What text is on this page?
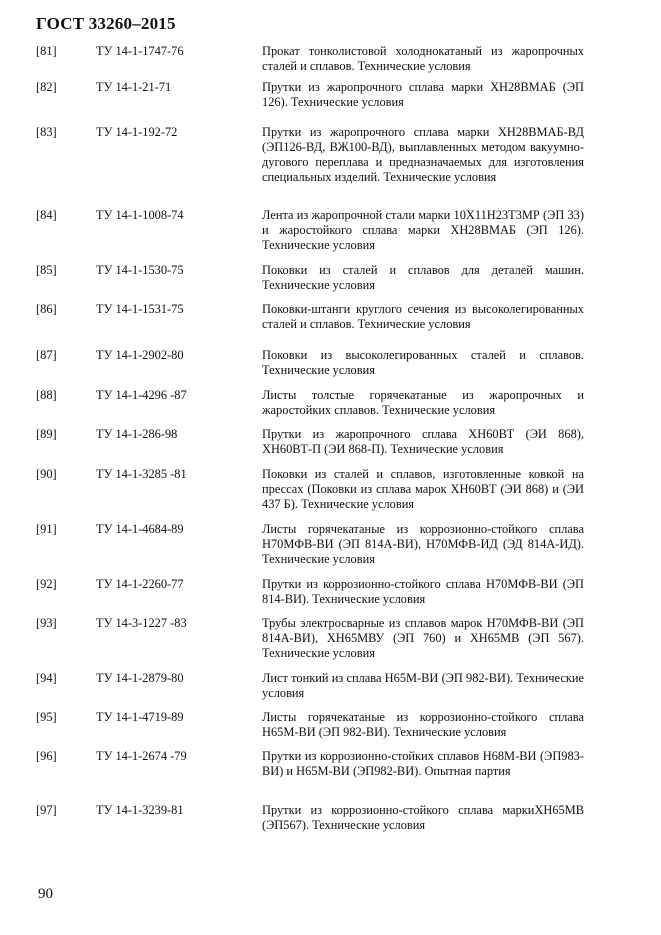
ГОСТ 33260–2015
[81]	ТУ 14-1-1747-76	Прокат тонколистовой холоднокатаный из жаропрочных сталей и сплавов. Технические условия
[82]	ТУ 14-1-21-71	Прутки из жаропрочного сплава марки ХН28ВМАБ (ЭП 126). Технические условия
[83]	ТУ 14-1-192-72	Прутки из жаропрочного сплава марки ХН28ВМАБ-ВД (ЭП126-ВД, ВЖ100-ВД), выплавленных методом вакуумно-дугового переплава и предназначаемых для изготовления специальных изделий. Технические условия
[84]	ТУ 14-1-1008-74	Лента из жаропрочной стали марки 10Х11Н23Т3МР (ЭП 33) и жаростойкого сплава марки ХН28ВМАБ (ЭП 126). Технические условия
[85]	ТУ 14-1-1530-75	Поковки из сталей и сплавов для деталей машин. Технические условия
[86]	ТУ 14-1-1531-75	Поковки-штанги круглого сечения из высоколегированных сталей и сплавов. Технические условия
[87]	ТУ 14-1-2902-80	Поковки из высоколегированных сталей и сплавов. Технические условия
[88]	ТУ 14-1-4296 -87	Листы толстые горячекатаные из жаропрочных и жаростойких сплавов. Технические условия
[89]	ТУ 14-1-286-98	Прутки из жаропрочного сплава ХН60ВТ (ЭИ 868), ХН60ВТ-П (ЭИ 868-П). Технические условия
[90]	ТУ 14-1-3285 -81	Поковки из сталей и сплавов, изготовленные ковкой на прессах (Поковки из сплава марок ХН60ВТ (ЭИ 868) и (ЭИ 437 Б). Технические условия
[91]	ТУ 14-1-4684-89	Листы горячекатаные из коррозионно-стойкого сплава Н70МФВ-ВИ (ЭП 814А-ВИ), Н70МФВ-ИД (ЭД 814А-ИД). Технические условия
[92]	ТУ 14-1-2260-77	Прутки из коррозионно-стойкого сплава Н70МФВ-ВИ (ЭП 814-ВИ). Технические условия
[93]	ТУ 14-3-1227 -83	Трубы электросварные из сплавов марок Н70МФВ-ВИ (ЭП 814А-ВИ), ХН65МВУ (ЭП 760) и ХН65МВ (ЭП 567). Технические условия
[94]	ТУ 14-1-2879-80	Лист тонкий из сплава Н65М-ВИ (ЭП 982-ВИ). Технические условия
[95]	ТУ 14-1-4719-89	Листы горячекатаные из коррозионно-стойкого сплава Н65М-ВИ (ЭП 982-ВИ). Технические условия
[96]	ТУ 14-1-2674 -79	Прутки из коррозионно-стойких сплавов Н68М-ВИ (ЭП983-ВИ) и Н65М-ВИ (ЭП982-ВИ). Опытная партия
[97]	ТУ 14-1-3239-81	Прутки из коррозионно-стойкого сплава маркиХН65МВ (ЭП567). Технические условия
90
